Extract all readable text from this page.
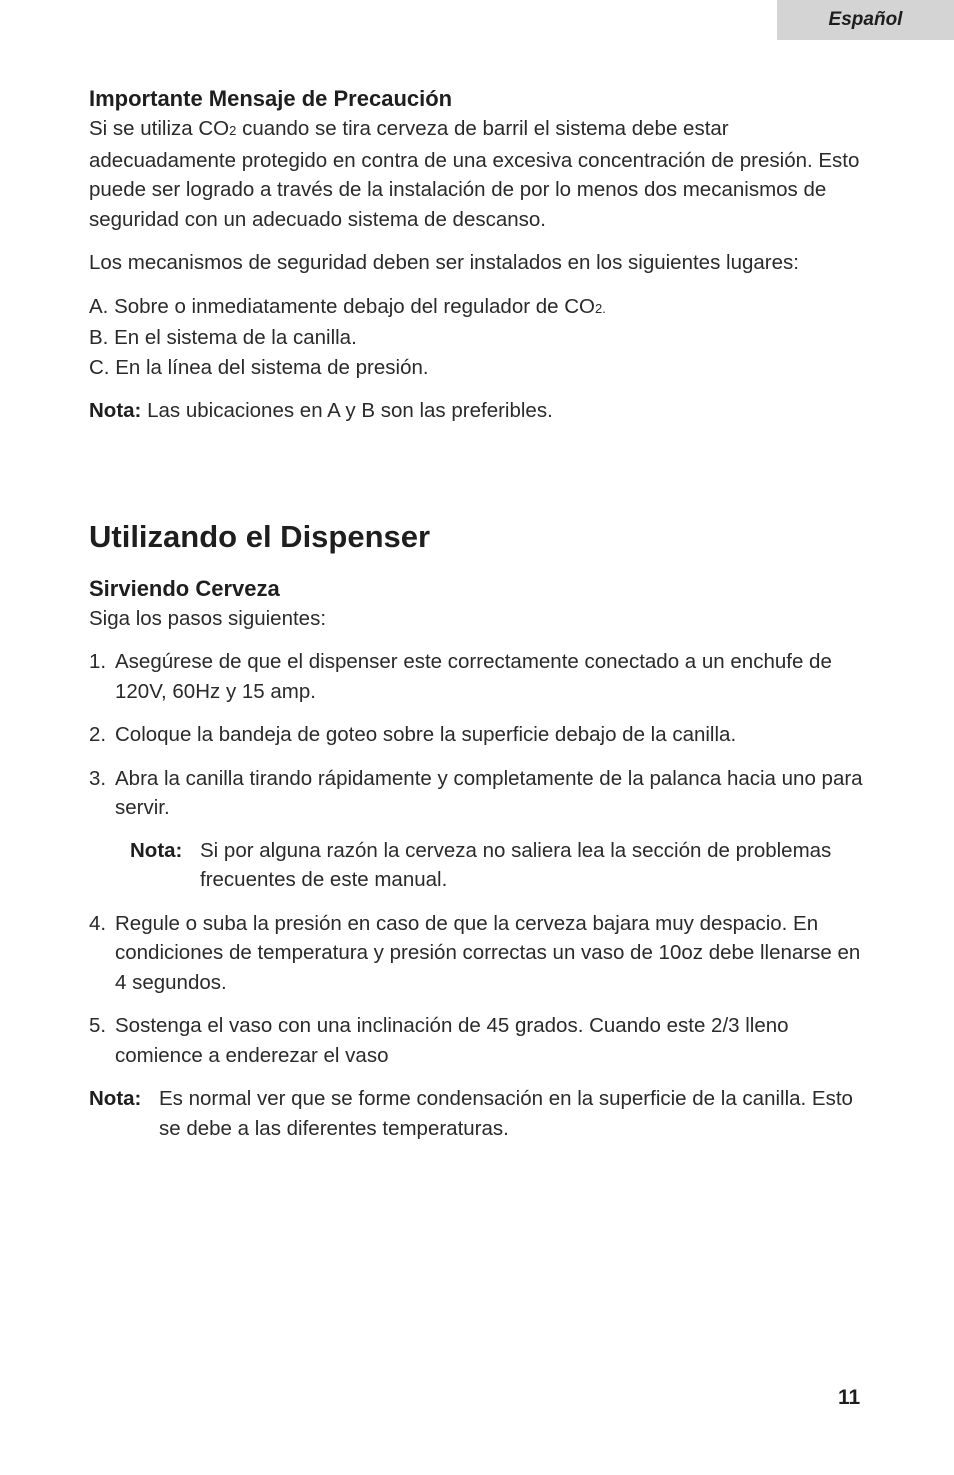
Español
Importante Mensaje de Precaución

Si se utiliza CO2 cuando se tira cerveza de barril el sistema debe estar adecuadamente protegido en contra de una excesiva concentración de presión. Esto puede ser logrado a través de la instalación de por lo menos dos mecanismos de seguridad con un adecuado sistema de descanso.

Los mecanismos de seguridad deben ser instalados en los siguientes lugares:

A. Sobre o inmediatamente debajo del regulador de CO2.

B. En el sistema de la canilla.

C. En la línea del sistema de presión.

Nota: Las ubicaciones en A y B son las preferibles.

Utilizando el Dispenser
Sirviendo Cerveza

Siga los pasos siguientes:

1. Asegúrese de que el dispenser este correctamente conectado a un enchufe de 120V, 60Hz y 15 amp.
2. Coloque la bandeja de goteo sobre la superficie debajo de la canilla.
3. Abra la canilla tirando rápidamente y completamente de la palanca hacia uno para servir.
Nota: Si por alguna razón la cerveza no saliera lea la sección de problemas frecuentes de este manual.
4. Regule o suba la presión en caso de que la cerveza bajara muy despacio. En condiciones de temperatura y presión correctas un vaso de 10oz debe llenarse en 4 segundos.
5. Sostenga el vaso con una inclinación de 45 grados. Cuando este 2/3 lleno comience a enderezar el vaso
Nota: Es normal ver que se forme condensación en la superficie de la canilla. Esto se debe a las diferentes temperaturas.
11
